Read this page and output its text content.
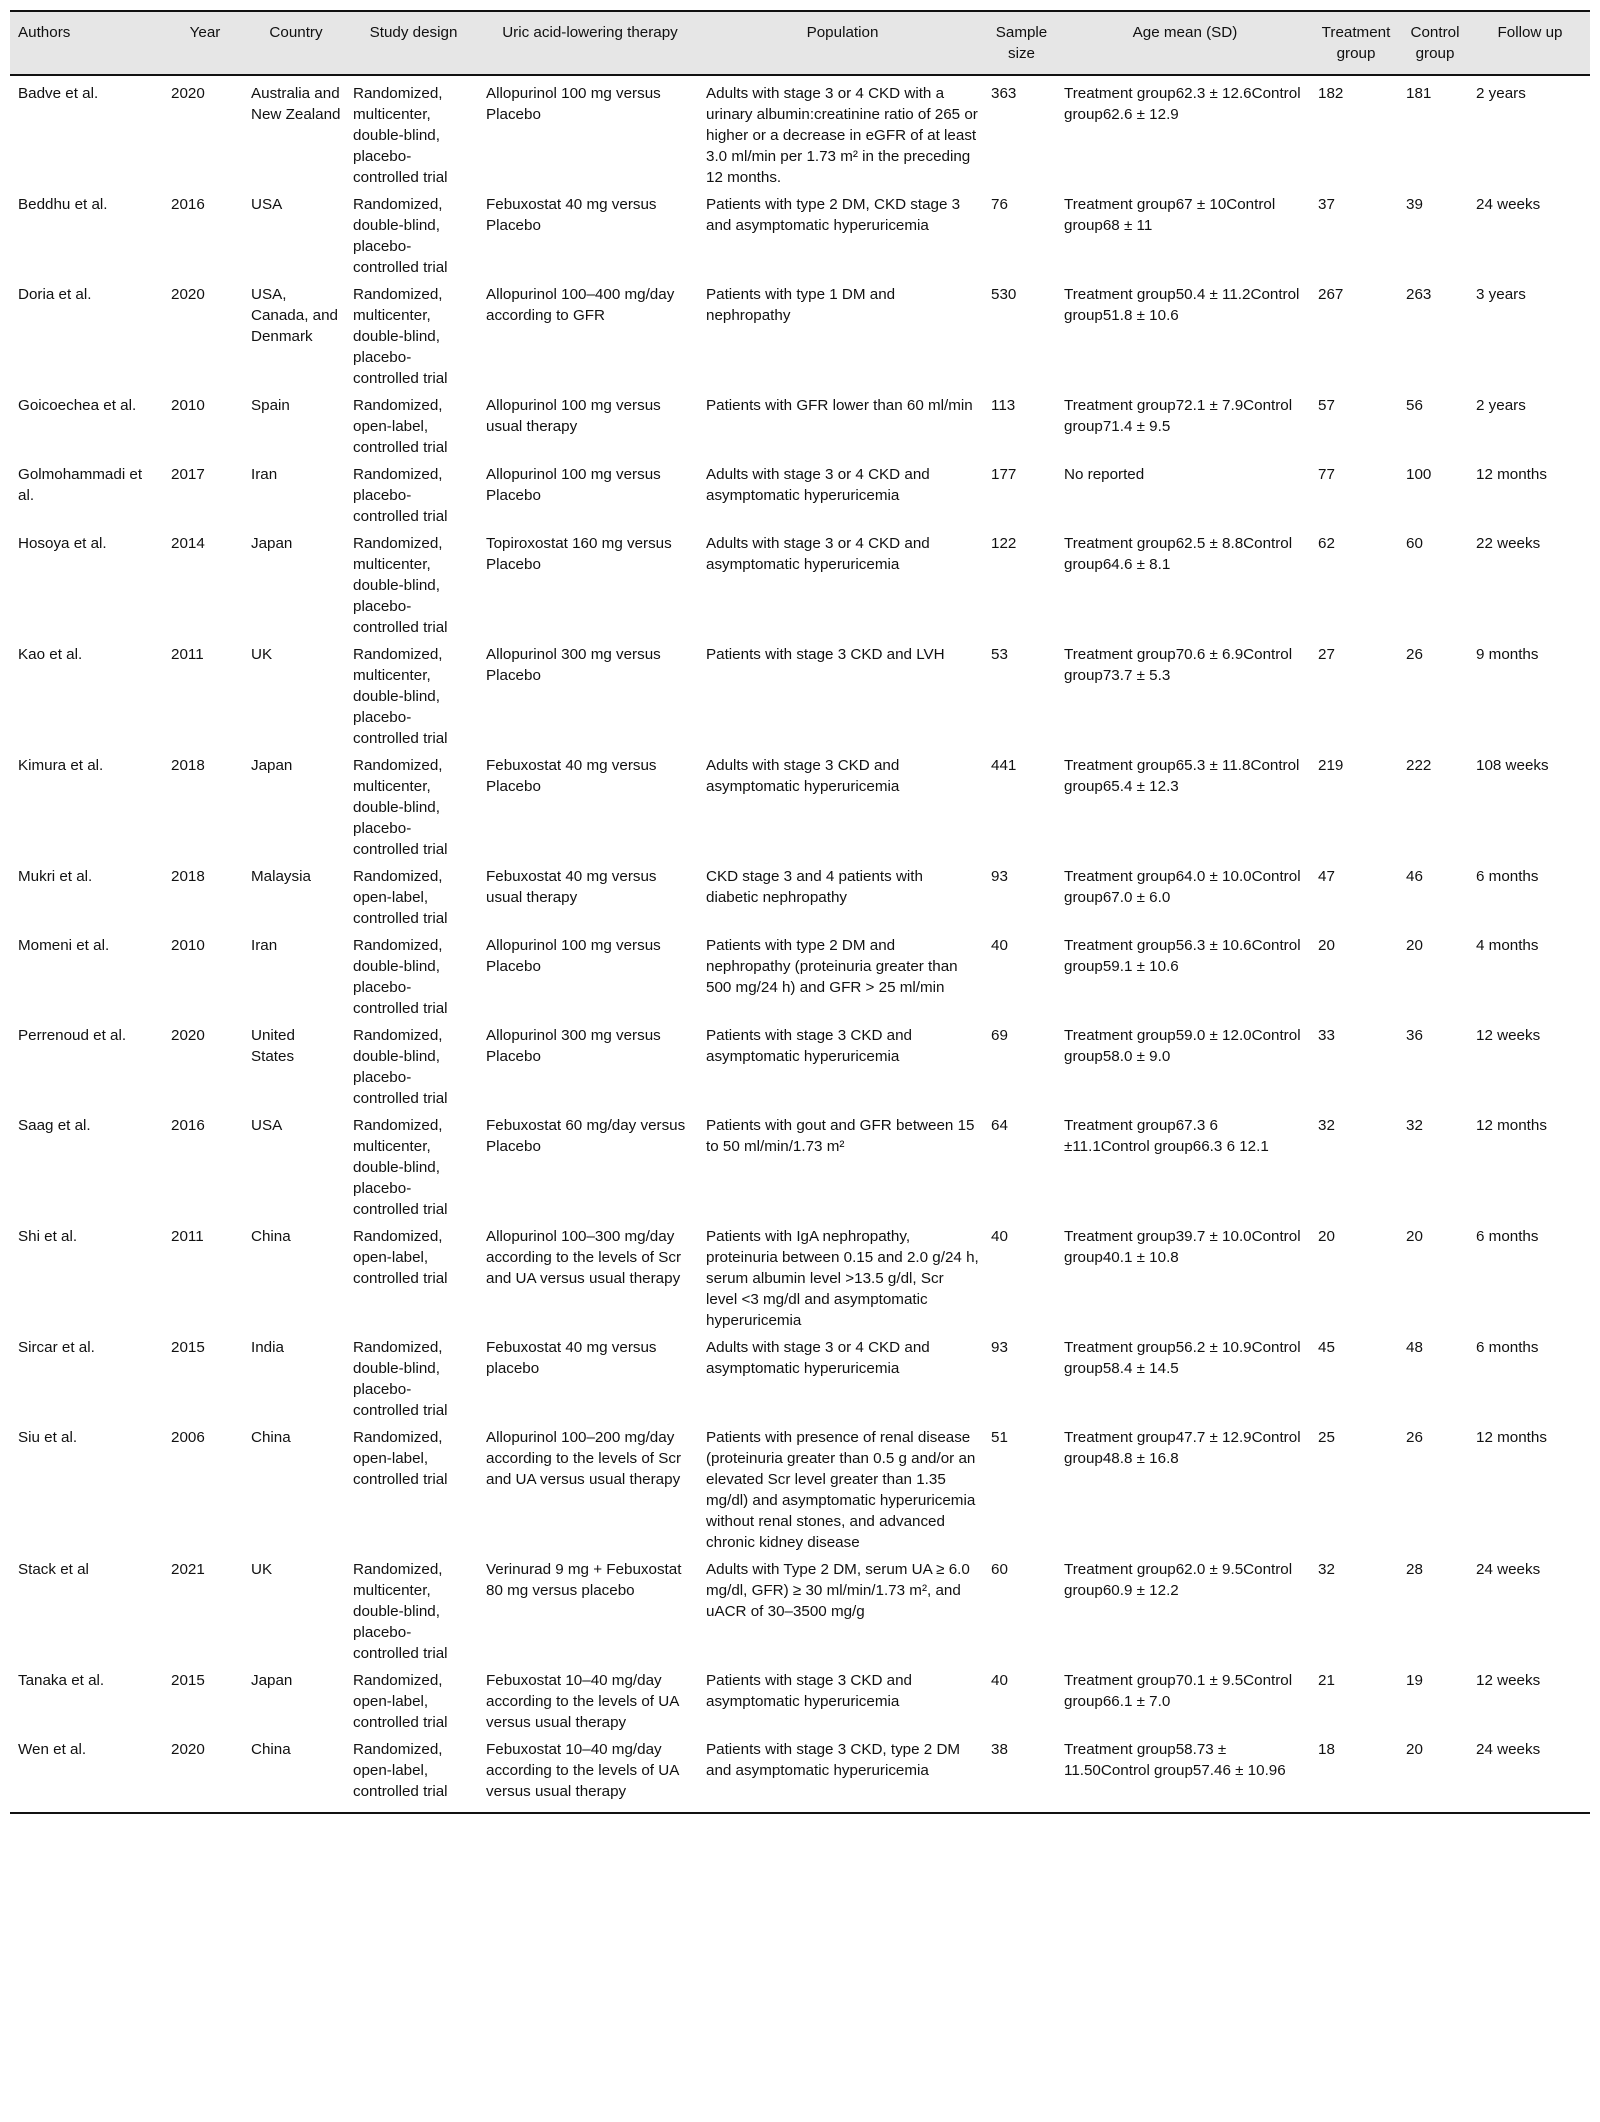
Authors	Year	Country	Study design	Uric acid-lowering therapy	Population	Sample size	Age mean (SD)	Treatment group	Control group	Follow up
Badve et al.	2020	Australia and New Zealand	Randomized, multicenter, double-blind, placebo-controlled trial	Allopurinol 100 mg versus Placebo	Adults with stage 3 or 4 CKD with a urinary albumin:creatinine ratio of 265 or higher or a decrease in eGFR of at least 3.0 ml/min per 1.73 m² in the preceding 12 months.	363	Treatment group62.3 ± 12.6Control group62.6 ± 12.9	182	181	2 years
Beddhu et al.	2016	USA	Randomized, double-blind, placebo-controlled trial	Febuxostat 40 mg versus Placebo	Patients with type 2 DM, CKD stage 3 and asymptomatic hyperuricemia	76	Treatment group67 ± 10Control group68 ± 11	37	39	24 weeks
Doria et al.	2020	USA, Canada, and Denmark	Randomized, multicenter, double-blind, placebo-controlled trial	Allopurinol 100–400 mg/day according to GFR	Patients with type 1 DM and nephropathy	530	Treatment group50.4 ± 11.2Control group51.8 ± 10.6	267	263	3 years
Goicoechea et al.	2010	Spain	Randomized, open-label, controlled trial	Allopurinol 100 mg versus usual therapy	Patients with GFR lower than 60 ml/min	113	Treatment group72.1 ± 7.9Control group71.4 ± 9.5	57	56	2 years
Golmohammadi et al.	2017	Iran	Randomized, placebo-controlled trial	Allopurinol 100 mg versus Placebo	Adults with stage 3 or 4 CKD and asymptomatic hyperuricemia	177	No reported	77	100	12 months
Hosoya et al.	2014	Japan	Randomized, multicenter, double-blind, placebo-controlled trial	Topiroxostat 160 mg versus Placebo	Adults with stage 3 or 4 CKD and asymptomatic hyperuricemia	122	Treatment group62.5 ± 8.8Control group64.6 ± 8.1	62	60	22 weeks
Kao et al.	2011	UK	Randomized, multicenter, double-blind, placebo-controlled trial	Allopurinol 300 mg versus Placebo	Patients with stage 3 CKD and LVH	53	Treatment group70.6 ± 6.9Control group73.7 ± 5.3	27	26	9 months
Kimura et al.	2018	Japan	Randomized, multicenter, double-blind, placebo-controlled trial	Febuxostat 40 mg versus Placebo	Adults with stage 3 CKD and asymptomatic hyperuricemia	441	Treatment group65.3 ± 11.8Control group65.4 ± 12.3	219	222	108 weeks
Mukri et al.	2018	Malaysia	Randomized, open-label, controlled trial	Febuxostat 40 mg versus usual therapy	CKD stage 3 and 4 patients with diabetic nephropathy	93	Treatment group64.0 ± 10.0Control group67.0 ± 6.0	47	46	6 months
Momeni et al.	2010	Iran	Randomized, double-blind, placebo-controlled trial	Allopurinol 100 mg versus Placebo	Patients with type 2 DM and nephropathy (proteinuria greater than 500 mg/24 h) and GFR > 25 ml/min	40	Treatment group56.3 ± 10.6Control group59.1 ± 10.6	20	20	4 months
Perrenoud et al.	2020	United States	Randomized, double-blind, placebo-controlled trial	Allopurinol 300 mg versus Placebo	Patients with stage 3 CKD and asymptomatic hyperuricemia	69	Treatment group59.0 ± 12.0Control group58.0 ± 9.0	33	36	12 weeks
Saag et al.	2016	USA	Randomized, multicenter, double-blind, placebo-controlled trial	Febuxostat 60 mg/day versus Placebo	Patients with gout and GFR between 15 to 50 ml/min/1.73 m²	64	Treatment group67.3 6 ±11.1Control group66.3 6 12.1	32	32	12 months
Shi et al.	2011	China	Randomized, open-label, controlled trial	Allopurinol 100–300 mg/day according to the levels of Scr and UA versus usual therapy	Patients with IgA nephropathy, proteinuria between 0.15 and 2.0 g/24 h, serum albumin level >13.5 g/dl, Scr level <3 mg/dl and asymptomatic hyperuricemia	40	Treatment group39.7 ± 10.0Control group40.1 ± 10.8	20	20	6 months
Sircar et al.	2015	India	Randomized, double-blind, placebo-controlled trial	Febuxostat 40 mg versus placebo	Adults with stage 3 or 4 CKD and asymptomatic hyperuricemia	93	Treatment group56.2 ± 10.9Control group58.4 ± 14.5	45	48	6 months
Siu et al.	2006	China	Randomized, open-label, controlled trial	Allopurinol 100–200 mg/day according to the levels of Scr and UA versus usual therapy	Patients with presence of renal disease (proteinuria greater than 0.5 g and/or an elevated Scr level greater than 1.35 mg/dl) and asymptomatic hyperuricemia without renal stones, and advanced chronic kidney disease	51	Treatment group47.7 ± 12.9Control group48.8 ± 16.8	25	26	12 months
Stack et al	2021	UK	Randomized, multicenter, double-blind, placebo-controlled trial	Verinurad 9 mg + Febuxostat 80 mg versus placebo	Adults with Type 2 DM, serum UA ≥ 6.0 mg/dl, GFR) ≥ 30 ml/min/1.73 m², and uACR of 30–3500 mg/g	60	Treatment group62.0 ± 9.5Control group60.9 ± 12.2	32	28	24 weeks
Tanaka et al.	2015	Japan	Randomized, open-label, controlled trial	Febuxostat 10–40 mg/day according to the levels of UA versus usual therapy	Patients with stage 3 CKD and asymptomatic hyperuricemia	40	Treatment group70.1 ± 9.5Control group66.1 ± 7.0	21	19	12 weeks
Wen et al.	2020	China	Randomized, open-label, controlled trial	Febuxostat 10–40 mg/day according to the levels of UA versus usual therapy	Patients with stage 3 CKD, type 2 DM and asymptomatic hyperuricemia	38	Treatment group58.73 ± 11.50Control group57.46 ± 10.96	18	20	24 weeks
